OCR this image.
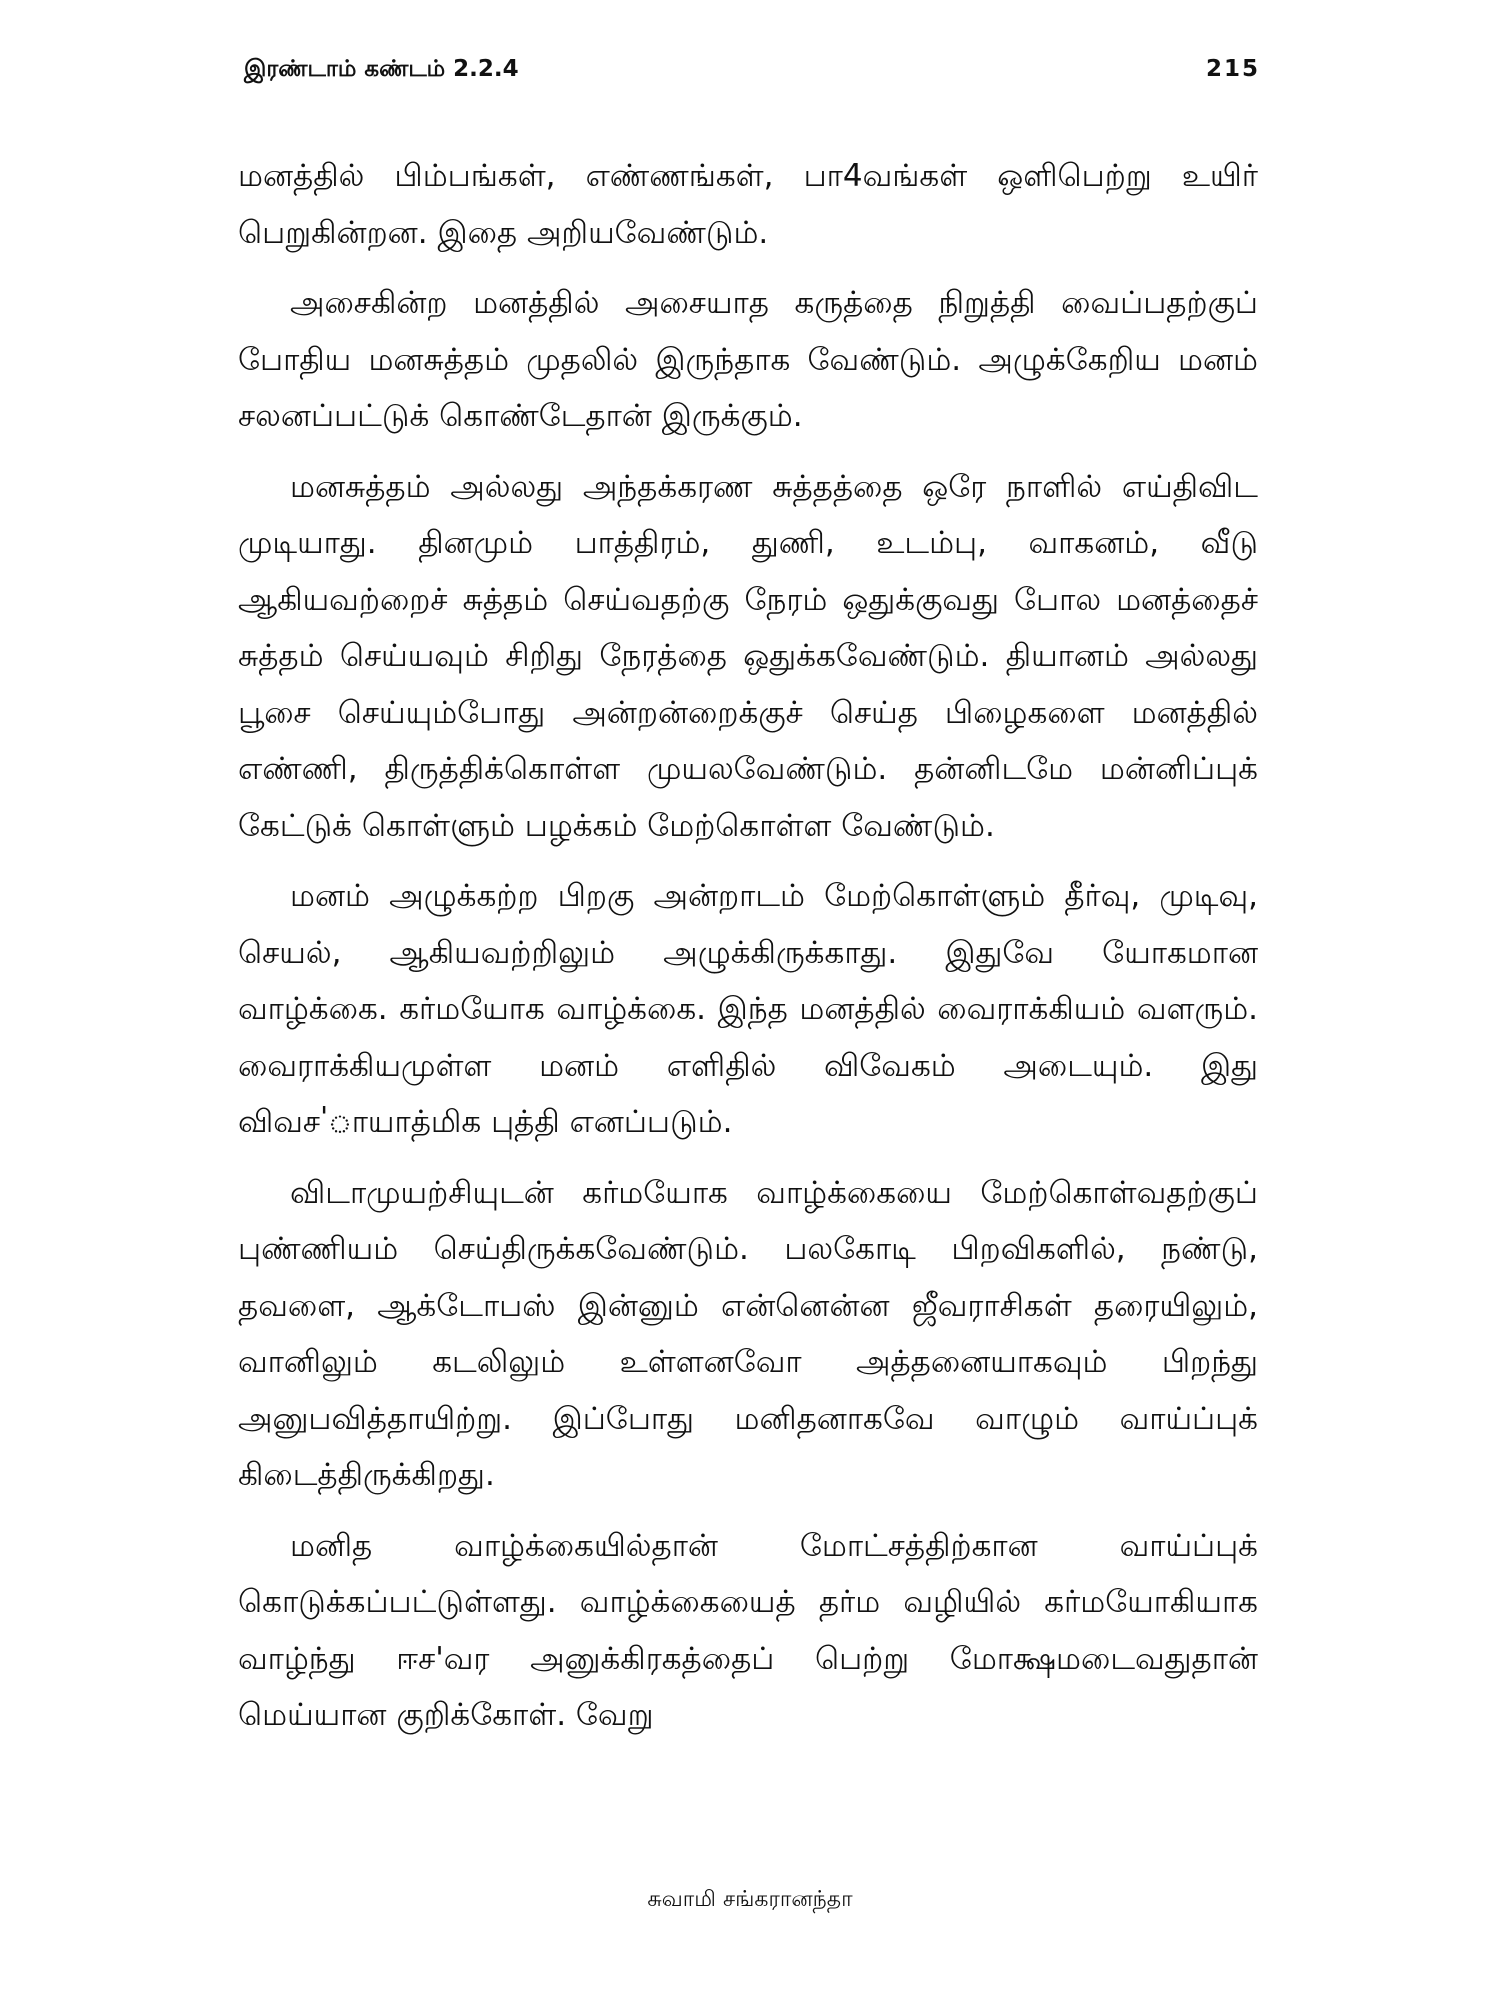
இரண்டாம் கண்டம் 2.2.4	215

மனத்தில் பிம்பங்கள், எண்ணங்கள், பா4வங்கள் ஒளிபெற்று உயிர் பெறுகின்றன. இதை அறியவேண்டும்.

அசைகின்ற மனத்தில் அசையாத கருத்தை நிறுத்தி வைப்பதற்குப் போதிய மனசுத்தம் முதலில் இருந்தாக வேண்டும். அழுக்கேறிய மனம் சலனப்பட்டுக் கொண்டேதான் இருக்கும்.

மனசுத்தம் அல்லது அந்தக்கரண சுத்தத்தை ஒரே நாளில் எய்திவிட முடியாது. தினமும் பாத்திரம், துணி, உடம்பு, வாகனம், வீடு ஆகியவற்றைச் சுத்தம் செய்வதற்கு நேரம் ஒதுக்குவது போல மனத்தைச் சுத்தம் செய்யவும் சிறிது நேரத்தை ஒதுக்கவேண்டும். தியானம் அல்லது பூசை செய்யும்போது அன்றன்றைக்குச் செய்த பிழைகளை மனத்தில் எண்ணி, திருத்திக்கொள்ள முயலவேண்டும். தன்னிடமே மன்னிப்புக் கேட்டுக் கொள்ளும் பழக்கம் மேற்கொள்ள வேண்டும்.

மனம் அழுக்கற்ற பிறகு அன்றாடம் மேற்கொள்ளும் தீர்வு, முடிவு, செயல், ஆகியவற்றிலும் அழுக்கிருக்காது. இதுவே யோகமான வாழ்க்கை. கர்மயோக வாழ்க்கை. இந்த மனத்தில் வைராக்கியம் வளரும். வைராக்கியமுள்ள மனம் எளிதில் விவேகம் அடையும். இது விவச'ாயாத்மிக புத்தி எனப்படும்.

விடாமுயற்சியுடன் கர்மயோக வாழ்க்கையை மேற்கொள்வதற்குப் புண்ணியம் செய்திருக்கவேண்டும். பலகோடி பிறவிகளில், நண்டு, தவளை, ஆக்டோபஸ் இன்னும் என்னென்ன ஜீவராசிகள் தரையிலும், வானிலும் கடலிலும் உள்ளனவோ அத்தனையாகவும் பிறந்து அனுபவித்தாயிற்று. இப்போது மனிதனாகவே வாழும் வாய்ப்புக் கிடைத்திருக்கிறது.

மனித வாழ்க்கையில்தான் மோட்சத்திற்கான வாய்ப்புக் கொடுக்கப்பட்டுள்ளது. வாழ்க்கையைத் தர்ம வழியில் கர்மயோகியாக வாழ்ந்து ஈச'வர அனுக்கிரகத்தைப் பெற்று மோக்ஷமடைவதுதான் மெய்யான குறிக்கோள். வேறு

சுவாமி சங்கரானந்தா
